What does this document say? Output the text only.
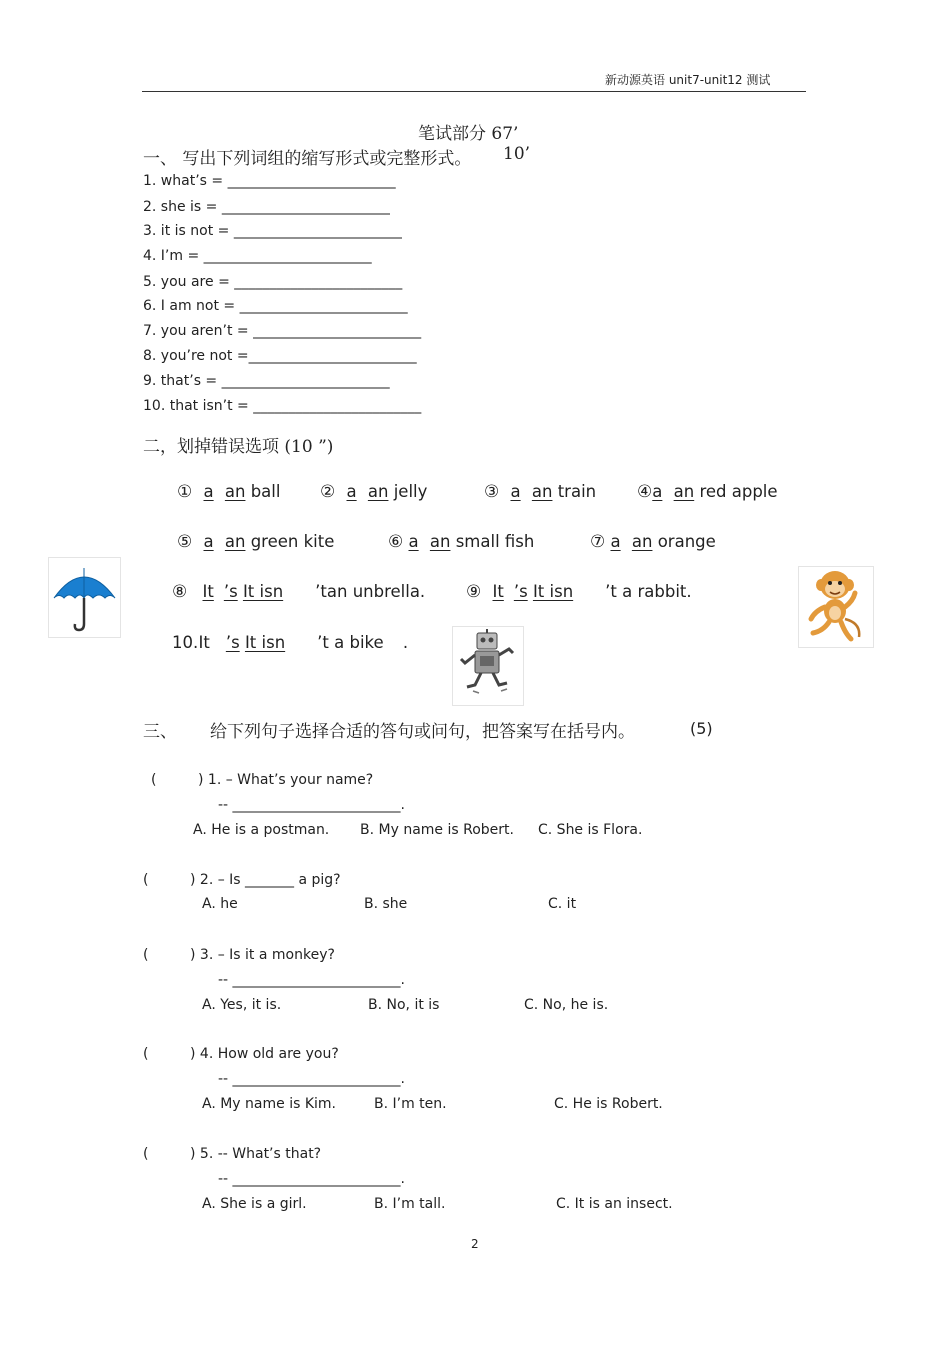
新动源英语 unit7-unit12 测试
笔试部分 67’
一、 写出下列词组的缩写形式或完整形式。 10’
1. what’s = ________________________
2. she is = ________________________
3. it is not = ________________________
4. I’m = ________________________
5. you are = ________________________
6. I am not = ________________________
7. you aren’t = ________________________
8. you’re not =________________________
9. that’s = ________________________
10. that isn’t = ________________________
二，划掉错误选项 (10 ”)
① a an ball ② a an jelly	③ a an train ④a an red apple
⑤ a an green kite	⑥ a an small fish	⑦ a an orange
⑧ It ’s It isn ’tan unbrella. ⑨ It ’s It isn ’t a rabbit.
10. It ’s It isn ’t a bike .
三、 给下列句子选择合适的答句或问句，把答案写在括号内。	(5)
(	) 1. – What’s your name?
-- ________________________.
A. He is a postman. B. My name is Robert. C. She is Flora.
(	) 2. – Is _______ a pig?
A. he	B. she	C. it
(	) 3. – Is it a monkey?
-- ________________________.
A. Yes, it is.	B. No, it is	C. No, he is.
(	) 4. How old are you?
-- ________________________.
A. My name is Kim.	B. I’m ten.	C. He is Robert.
(	) 5. -- What’s that?
-- ________________________.
A. She is a girl.	B. I’m tall.	C. It is an insect.
2
